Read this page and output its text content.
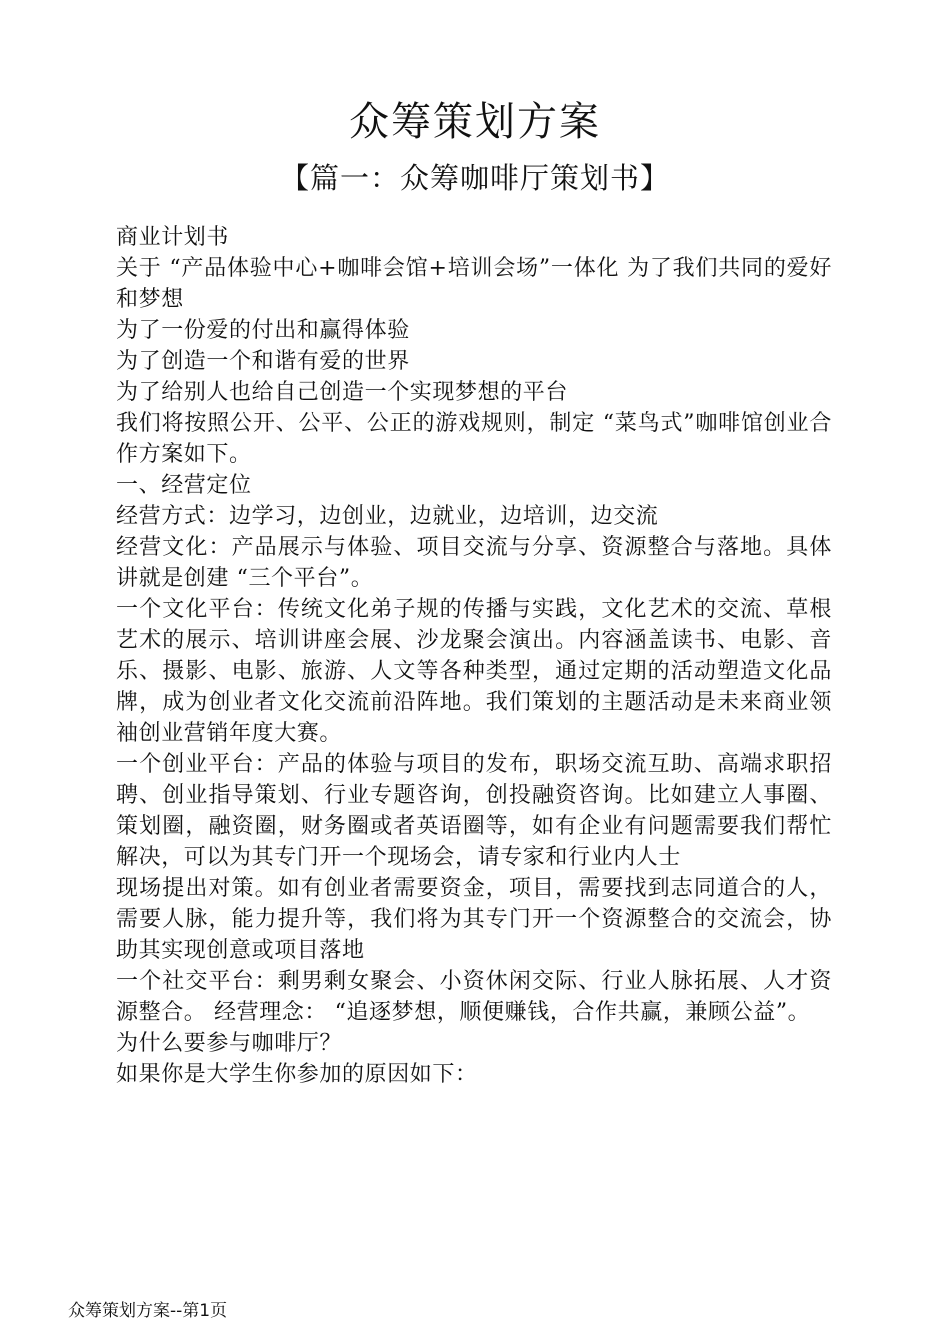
众筹策划方案
【篇一：众筹咖啡厅策划书】

商业计划书

关于 “产品体验中心+咖啡会馆+培训会场”一体化 为了我们共同的爱好和梦想

为了一份爱的付出和赢得体验

为了创造一个和谐有爱的世界

为了给别人也给自己创造一个实现梦想的平台

我们将按照公开、公平、公正的游戏规则，制定 “菜鸟式”咖啡馆创业合作方案如下。

一、经营定位

经营方式：边学习，边创业，边就业，边培训，边交流

经营文化：产品展示与体验、项目交流与分享、资源整合与落地。具体讲就是创建 “三个平台”。

一个文化平台：传统文化弟子规的传播与实践，文化艺术的交流、草根艺术的展示、培训讲座会展、沙龙聚会演出。内容涵盖读书、电影、音乐、摄影、电影、旅游、人文等各种类型，通过定期的活动塑造文化品牌，成为创业者文化交流前沿阵地。我们策划的主题活动是未来商业领袖创业营销年度大赛。

一个创业平台：产品的体验与项目的发布，职场交流互助、高端求职招聘、创业指导策划、行业专题咨询，创投融资咨询。比如建立人事圈、策划圈，融资圈，财务圈或者英语圈等，如有企业有问题需要我们帮忙解决，可以为其专门开一个现场会，请专家和行业内人士

现场提出对策。如有创业者需要资金，项目，需要找到志同道合的人，需要人脉，能力提升等，我们将为其专门开一个资源整合的交流会，协助其实现创意或项目落地

一个社交平台：剩男剩女聚会、小资休闲交际、行业人脉拓展、人才资源整合。 经营理念： “追逐梦想，顺便赚钱，合作共赢，兼顾公益”。

为什么要参与咖啡厅？

如果你是大学生你参加的原因如下：

众筹策划方案--第1页
